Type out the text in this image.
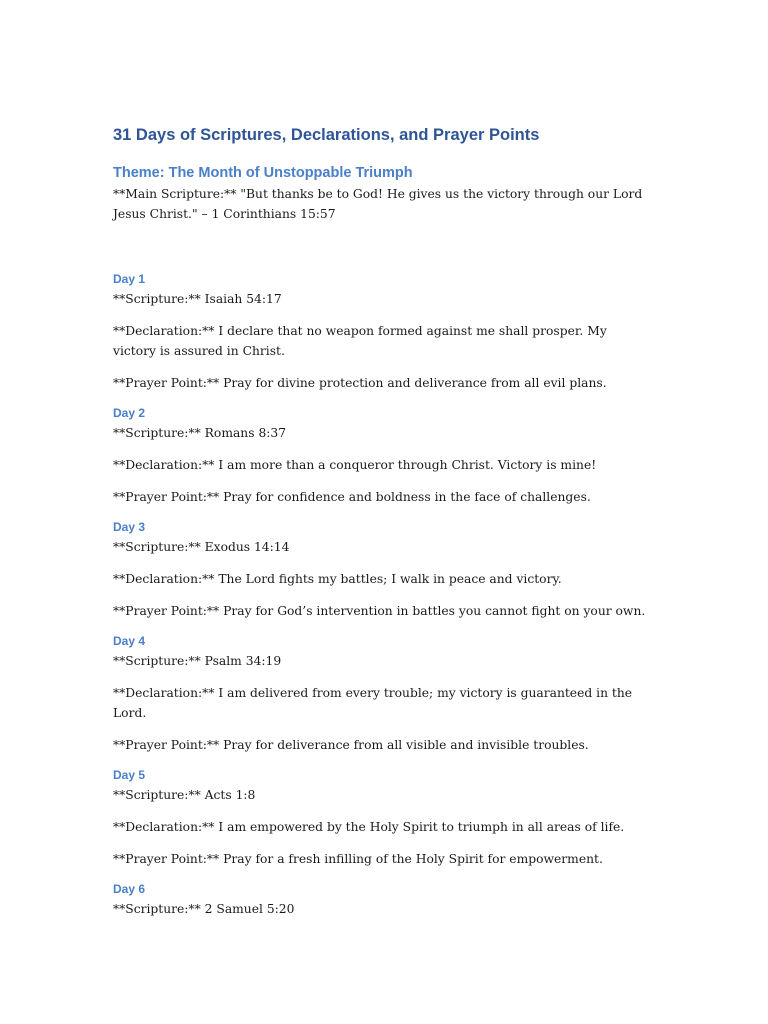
31 Days of Scriptures, Declarations, and Prayer Points
Theme: The Month of Unstoppable Triumph

**Main Scripture:** "But thanks be to God! He gives us the victory through our Lord Jesus Christ." – 1 Corinthians 15:57

Day 1

**Scripture:** Isaiah 54:17

**Declaration:** I declare that no weapon formed against me shall prosper. My victory is assured in Christ.

**Prayer Point:** Pray for divine protection and deliverance from all evil plans.

Day 2

**Scripture:** Romans 8:37

**Declaration:** I am more than a conqueror through Christ. Victory is mine!

**Prayer Point:** Pray for confidence and boldness in the face of challenges.

Day 3

**Scripture:** Exodus 14:14

**Declaration:** The Lord fights my battles; I walk in peace and victory.

**Prayer Point:** Pray for God’s intervention in battles you cannot fight on your own.

Day 4

**Scripture:** Psalm 34:19

**Declaration:** I am delivered from every trouble; my victory is guaranteed in the Lord.

**Prayer Point:** Pray for deliverance from all visible and invisible troubles.

Day 5

**Scripture:** Acts 1:8

**Declaration:** I am empowered by the Holy Spirit to triumph in all areas of life.

**Prayer Point:** Pray for a fresh infilling of the Holy Spirit for empowerment.

Day 6

**Scripture:** 2 Samuel 5:20
